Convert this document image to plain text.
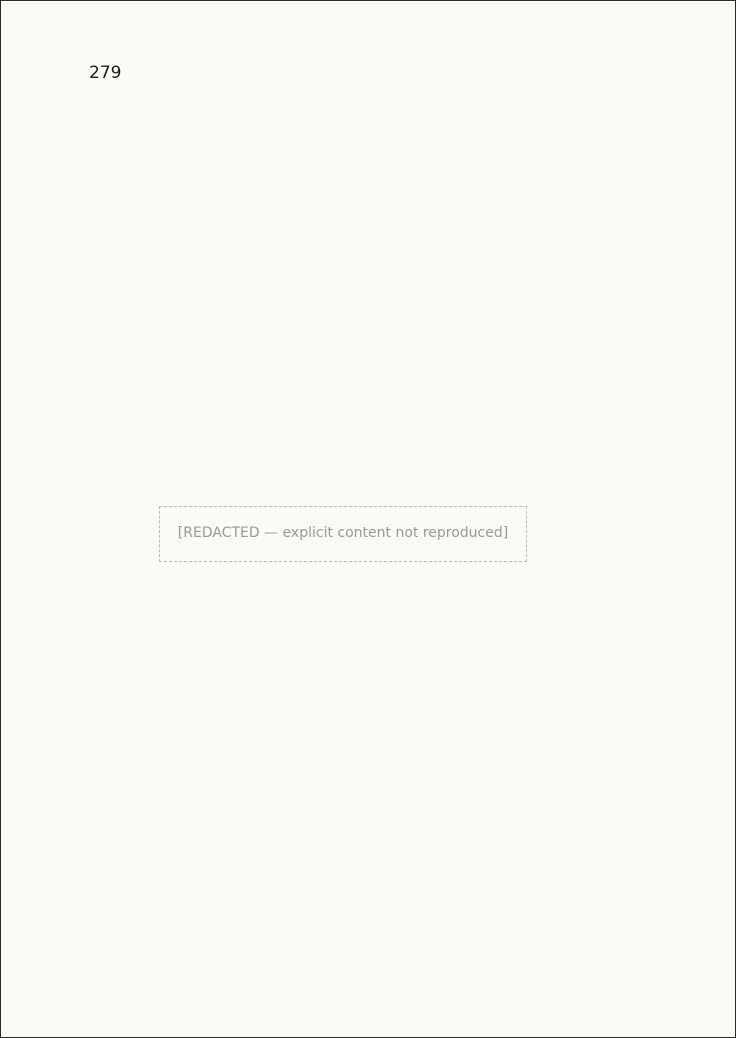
279
[REDACTED — explicit content not reproduced]
